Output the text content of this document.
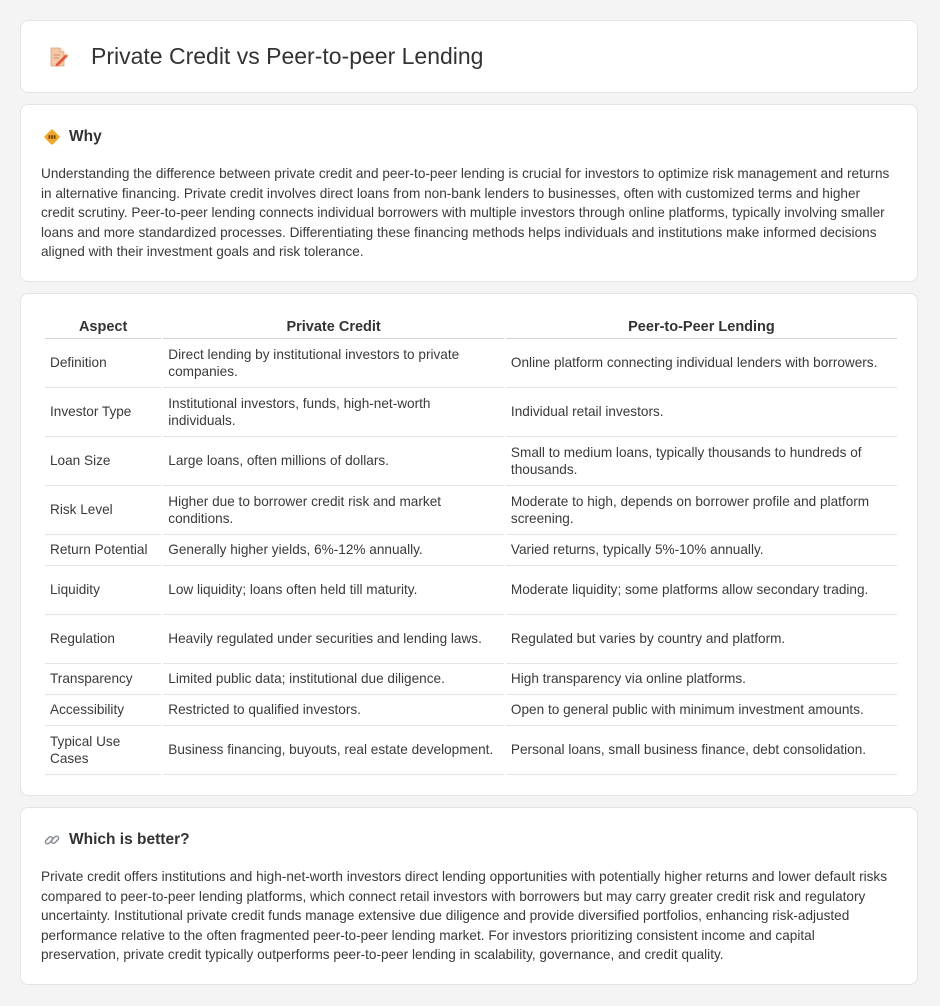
Private Credit vs Peer-to-peer Lending
Why

Understanding the difference between private credit and peer-to-peer lending is crucial for investors to optimize risk management and returns in alternative financing. Private credit involves direct loans from non-bank lenders to businesses, often with customized terms and higher credit scrutiny. Peer-to-peer lending connects individual borrowers with multiple investors through online platforms, typically involving smaller loans and more standardized processes. Differentiating these financing methods helps individuals and institutions make informed decisions aligned with their investment goals and risk tolerance.

Aspect	Private Credit	Peer-to-Peer Lending
Definition	Direct lending by institutional investors to private companies.	Online platform connecting individual lenders with borrowers.
Investor Type	Institutional investors, funds, high-net-worth individuals.	Individual retail investors.
Loan Size	Large loans, often millions of dollars.	Small to medium loans, typically thousands to hundreds of thousands.
Risk Level	Higher due to borrower credit risk and market conditions.	Moderate to high, depends on borrower profile and platform screening.
Return Potential	Generally higher yields, 6%-12% annually.	Varied returns, typically 5%-10% annually.
Liquidity	Low liquidity; loans often held till maturity.	Moderate liquidity; some platforms allow secondary trading.
Regulation	Heavily regulated under securities and lending laws.	Regulated but varies by country and platform.
Transparency	Limited public data; institutional due diligence.	High transparency via online platforms.
Accessibility	Restricted to qualified investors.	Open to general public with minimum investment amounts.
Typical Use Cases	Business financing, buyouts, real estate development.	Personal loans, small business finance, debt consolidation.
Which is better?

Private credit offers institutions and high-net-worth investors direct lending opportunities with potentially higher returns and lower default risks compared to peer-to-peer lending platforms, which connect retail investors with borrowers but may carry greater credit risk and regulatory uncertainty. Institutional private credit funds manage extensive due diligence and provide diversified portfolios, enhancing risk-adjusted performance relative to the often fragmented peer-to-peer lending market. For investors prioritizing consistent income and capital preservation, private credit typically outperforms peer-to-peer lending in scalability, governance, and credit quality.
